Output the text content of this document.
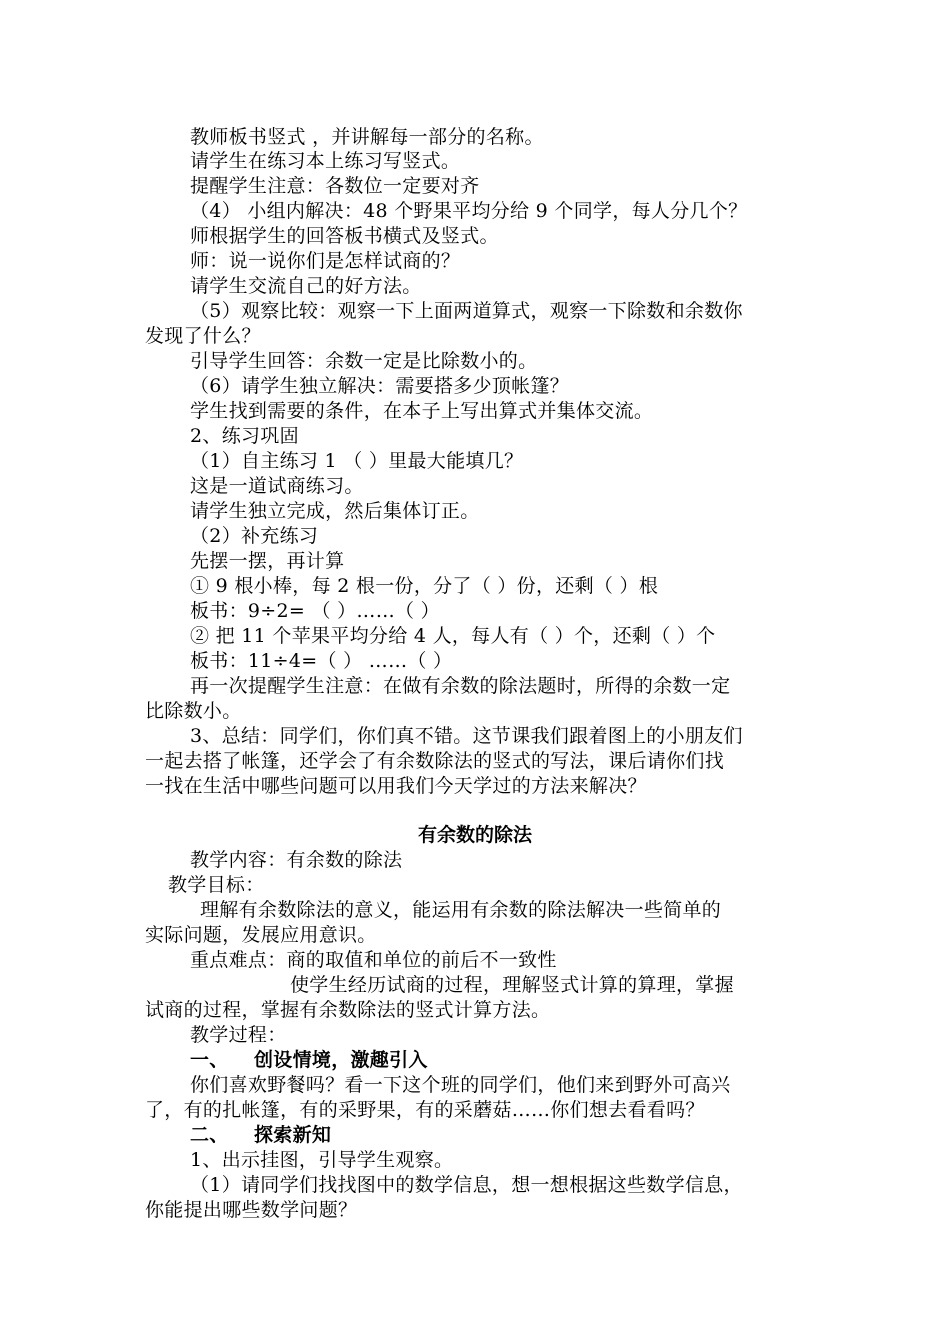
教师板书竖式 ，并讲解每一部分的名称。
请学生在练习本上练习写竖式。
提醒学生注意：各数位一定要对齐
（4） 小组内解决：48 个野果平均分给 9 个同学，每人分几个？
师根据学生的回答板书横式及竖式。
师：说一说你们是怎样试商的？
请学生交流自己的好方法。
（5）观察比较：观察一下上面两道算式，观察一下除数和余数你
发现了什么？
引导学生回答：余数一定是比除数小的。
（6）请学生独立解决：需要搭多少顶帐篷？
学生找到需要的条件，在本子上写出算式并集体交流。
2、练习巩固
（1）自主练习 1 （ ）里最大能填几？
这是一道试商练习。
请学生独立完成，然后集体订正。
（2）补充练习
先摆一摆，再计算
① 9 根小棒，每 2 根一份，分了（ ）份，还剩（ ）根
板书：9÷2= （ ）……（ ）
② 把 11 个苹果平均分给 4 人，每人有（ ）个，还剩（ ）个
板书：11÷4=（ ） ……（ ）
再一次提醒学生注意：在做有余数的除法题时，所得的余数一定
比除数小。
3、总结：同学们，你们真不错。这节课我们跟着图上的小朋友们
一起去搭了帐篷，还学会了有余数除法的竖式的写法，课后请你们找
一找在生活中哪些问题可以用我们今天学过的方法来解决？
有余数的除法
教学内容：有余数的除法
教学目标：
理解有余数除法的意义，能运用有余数的除法解决一些简单的
实际问题，发展应用意识。
重点难点：商的取值和单位的前后不一致性
使学生经历试商的过程，理解竖式计算的算理，掌握
试商的过程，掌握有余数除法的竖式计算方法。
教学过程：
一、 创设情境，激趣引入
你们喜欢野餐吗？看一下这个班的同学们，他们来到野外可高兴
了，有的扎帐篷，有的采野果，有的采蘑菇……你们想去看看吗？
二、 探索新知
1、出示挂图，引导学生观察。
（1）请同学们找找图中的数学信息，想一想根据这些数学信息，
你能提出哪些数学问题？
